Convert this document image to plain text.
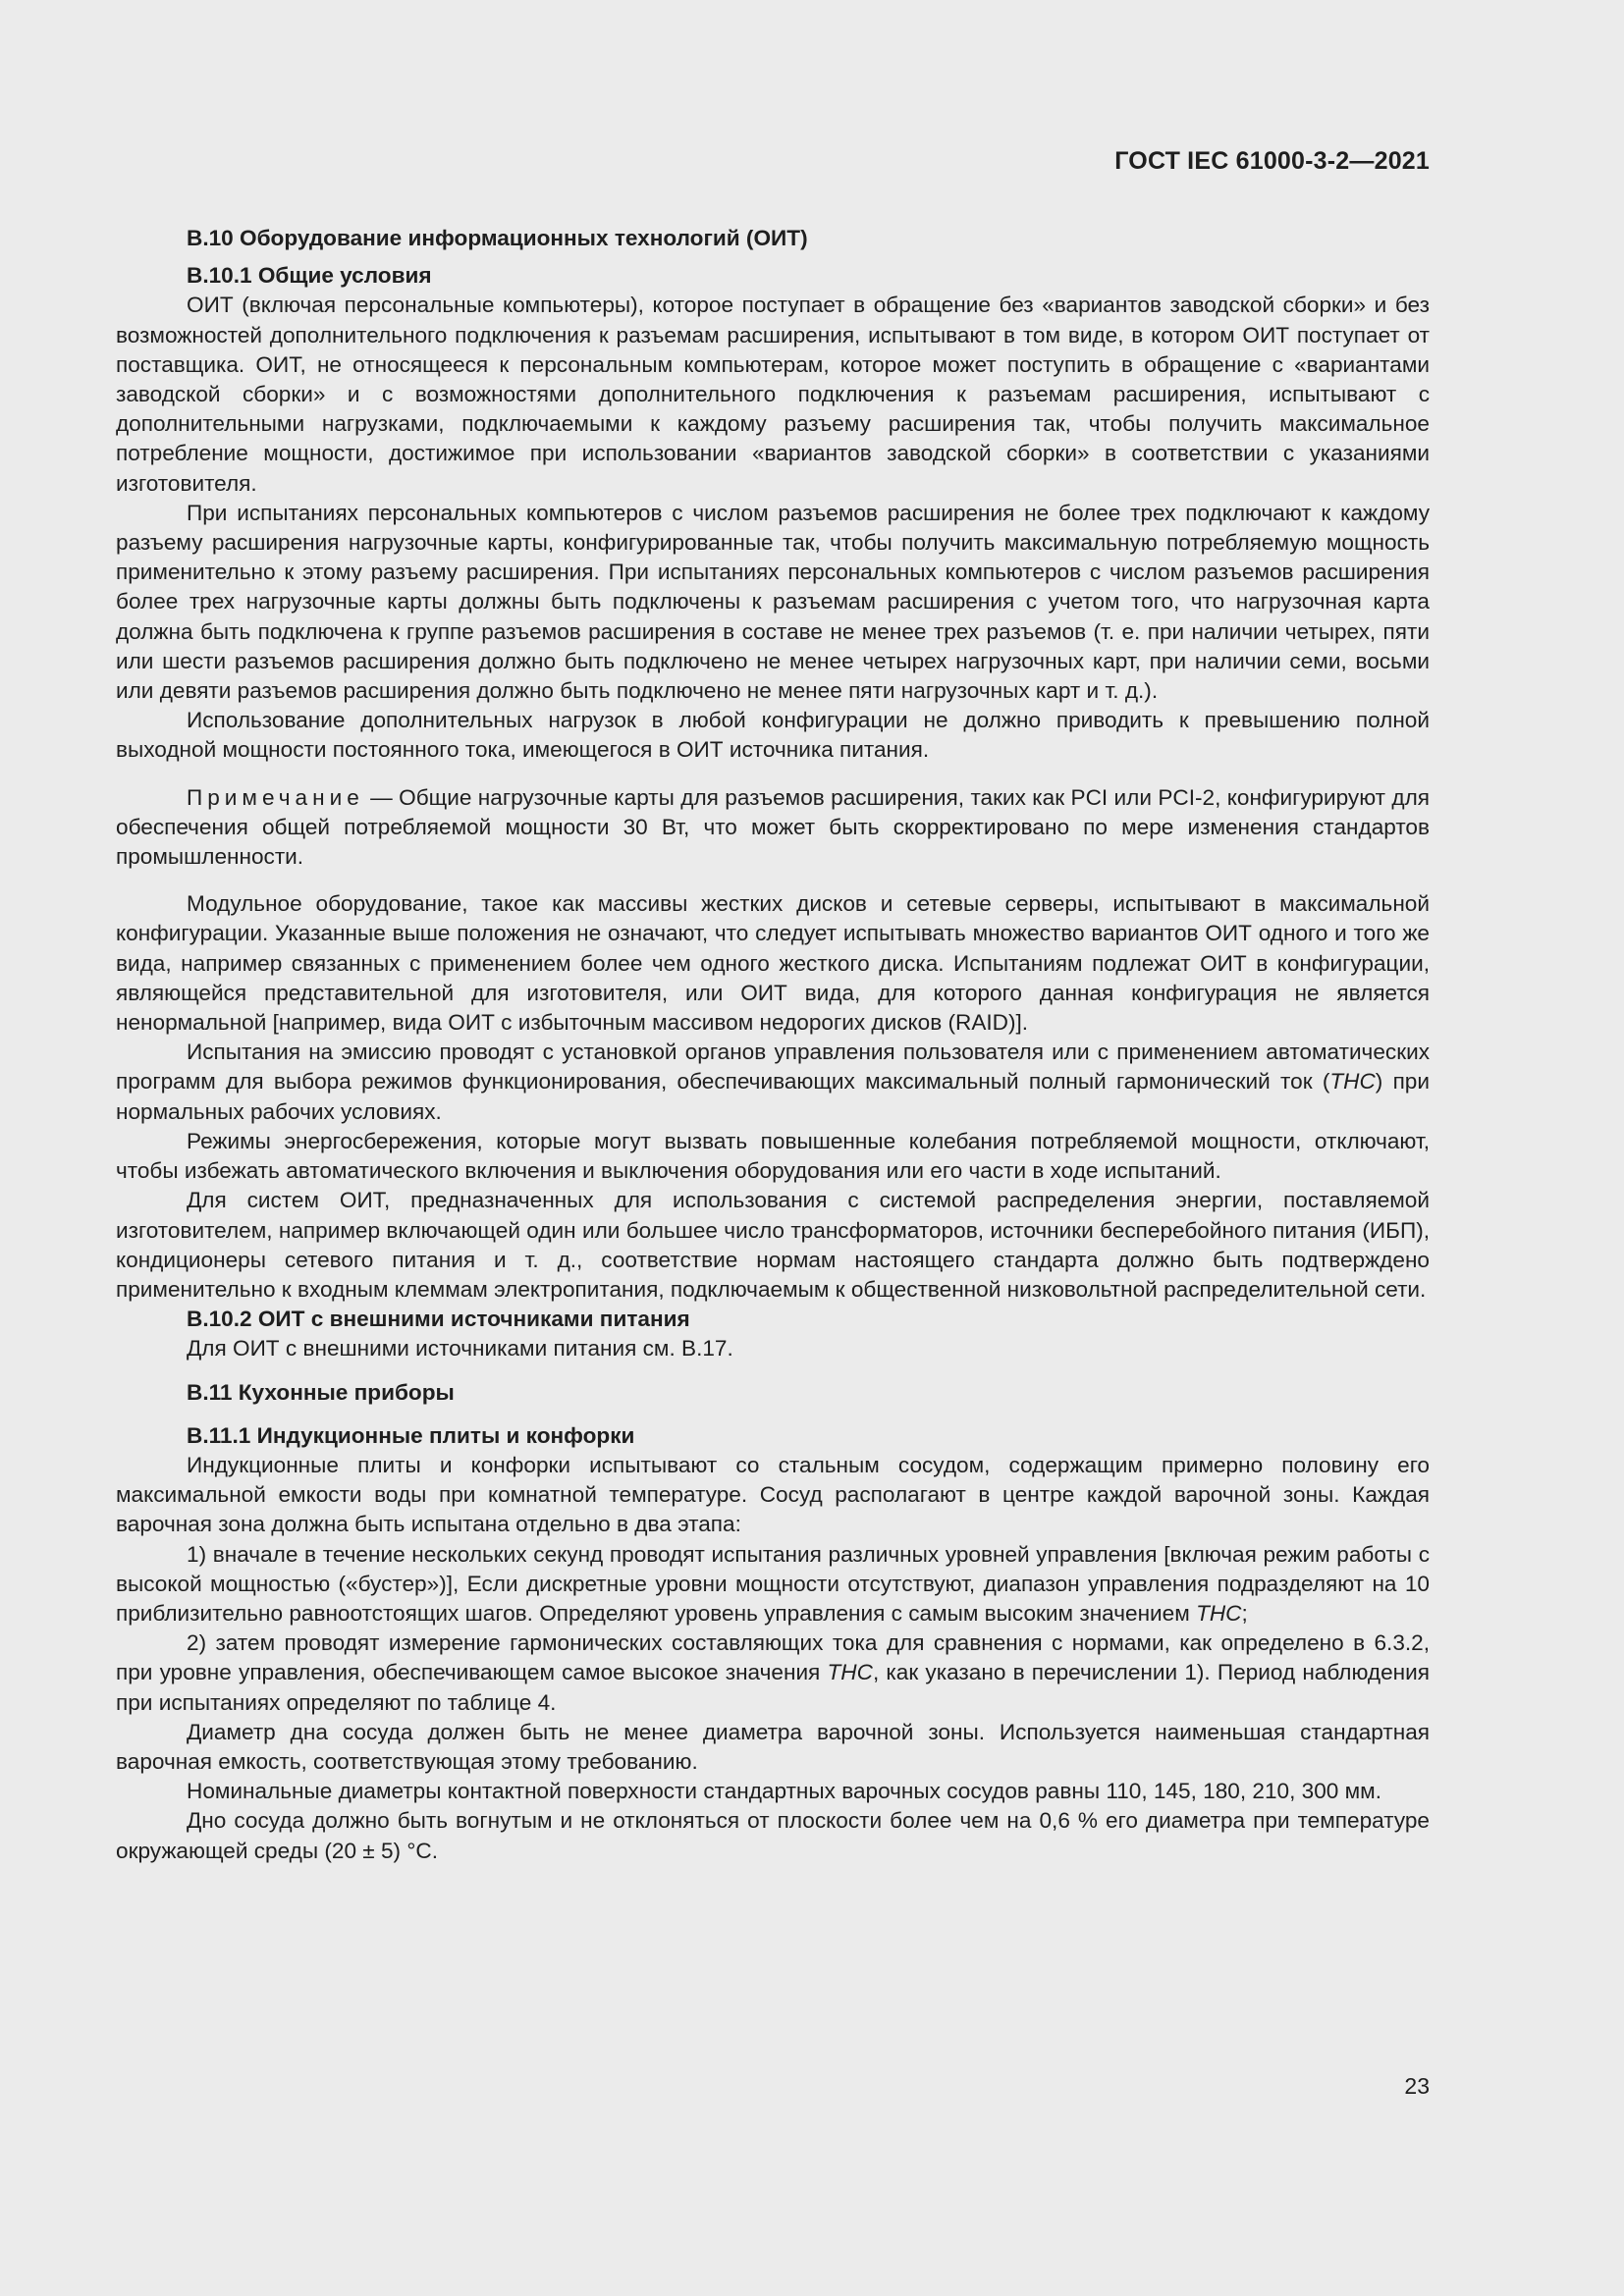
ГОСТ IEC 61000-3-2—2021
B.10 Оборудование информационных технологий (ОИТ)
B.10.1 Общие условия

ОИТ (включая персональные компьютеры), которое поступает в обращение без «вариантов заводской сборки» и без возможностей дополнительного подключения к разъемам расширения, испытывают в том виде, в котором ОИТ поступает от поставщика. ОИТ, не относящееся к персональным компьютерам, которое может поступить в обращение с «вариантами заводской сборки» и с возможностями дополнительного подключения к разъемам расширения, испытывают с дополнительными нагрузками, подключаемыми к каждому разъему расширения так, чтобы получить максимальное потребление мощности, достижимое при использовании «вариантов заводской сборки» в соответствии с указаниями изготовителя.

При испытаниях персональных компьютеров с числом разъемов расширения не более трех подключают к каждому разъему расширения нагрузочные карты, конфигурированные так, чтобы получить максимальную потребляемую мощность применительно к этому разъему расширения. При испытаниях персональных компьютеров с числом разъемов расширения более трех нагрузочные карты должны быть подключены к разъемам расширения с учетом того, что нагрузочная карта должна быть подключена к группе разъемов расширения в составе не менее трех разъемов (т. е. при наличии четырех, пяти или шести разъемов расширения должно быть подключено не менее четырех нагрузочных карт, при наличии семи, восьми или девяти разъемов расширения должно быть подключено не менее пяти нагрузочных карт и т. д.).

Использование дополнительных нагрузок в любой конфигурации не должно приводить к превышению полной выходной мощности постоянного тока, имеющегося в ОИТ источника питания.

Примечание — Общие нагрузочные карты для разъемов расширения, таких как PCI или PCI-2, конфигурируют для обеспечения общей потребляемой мощности 30 Вт, что может быть скорректировано по мере изменения стандартов промышленности.

Модульное оборудование, такое как массивы жестких дисков и сетевые серверы, испытывают в максимальной конфигурации. Указанные выше положения не означают, что следует испытывать множество вариантов ОИТ одного и того же вида, например связанных с применением более чем одного жесткого диска. Испытаниям подлежат ОИТ в конфигурации, являющейся представительной для изготовителя, или ОИТ вида, для которого данная конфигурация не является ненормальной [например, вида ОИТ с избыточным массивом недорогих дисков (RAID)].

Испытания на эмиссию проводят с установкой органов управления пользователя или с применением автоматических программ для выбора режимов функционирования, обеспечивающих максимальный полный гармонический ток (THC) при нормальных рабочих условиях.

Режимы энергосбережения, которые могут вызвать повышенные колебания потребляемой мощности, отключают, чтобы избежать автоматического включения и выключения оборудования или его части в ходе испытаний.

Для систем ОИТ, предназначенных для использования с системой распределения энергии, поставляемой изготовителем, например включающей один или большее число трансформаторов, источники бесперебойного питания (ИБП), кондиционеры сетевого питания и т. д., соответствие нормам настоящего стандарта должно быть подтверждено применительно к входным клеммам электропитания, подключаемым к общественной низковольтной распределительной сети.

B.10.2 ОИТ с внешними источниками питания

Для ОИТ с внешними источниками питания см. B.17.

B.11 Кухонные приборы
B.11.1 Индукционные плиты и конфорки

Индукционные плиты и конфорки испытывают со стальным сосудом, содержащим примерно половину его максимальной емкости воды при комнатной температуре. Сосуд располагают в центре каждой варочной зоны. Каждая варочная зона должна быть испытана отдельно в два этапа:

1) вначале в течение нескольких секунд проводят испытания различных уровней управления [включая режим работы с высокой мощностью («бустер»)], Если дискретные уровни мощности отсутствуют, диапазон управления подразделяют на 10 приблизительно равноотстоящих шагов. Определяют уровень управления с самым высоким значением THC;

2) затем проводят измерение гармонических составляющих тока для сравнения с нормами, как определено в 6.3.2, при уровне управления, обеспечивающем самое высокое значения THC, как указано в перечислении 1). Период наблюдения при испытаниях определяют по таблице 4.

Диаметр дна сосуда должен быть не менее диаметра варочной зоны. Используется наименьшая стандартная варочная емкость, соответствующая этому требованию.

Номинальные диаметры контактной поверхности стандартных варочных сосудов равны 110, 145, 180, 210, 300 мм.

Дно сосуда должно быть вогнутым и не отклоняться от плоскости более чем на 0,6 % его диаметра при температуре окружающей среды (20 ± 5) °C.

23
